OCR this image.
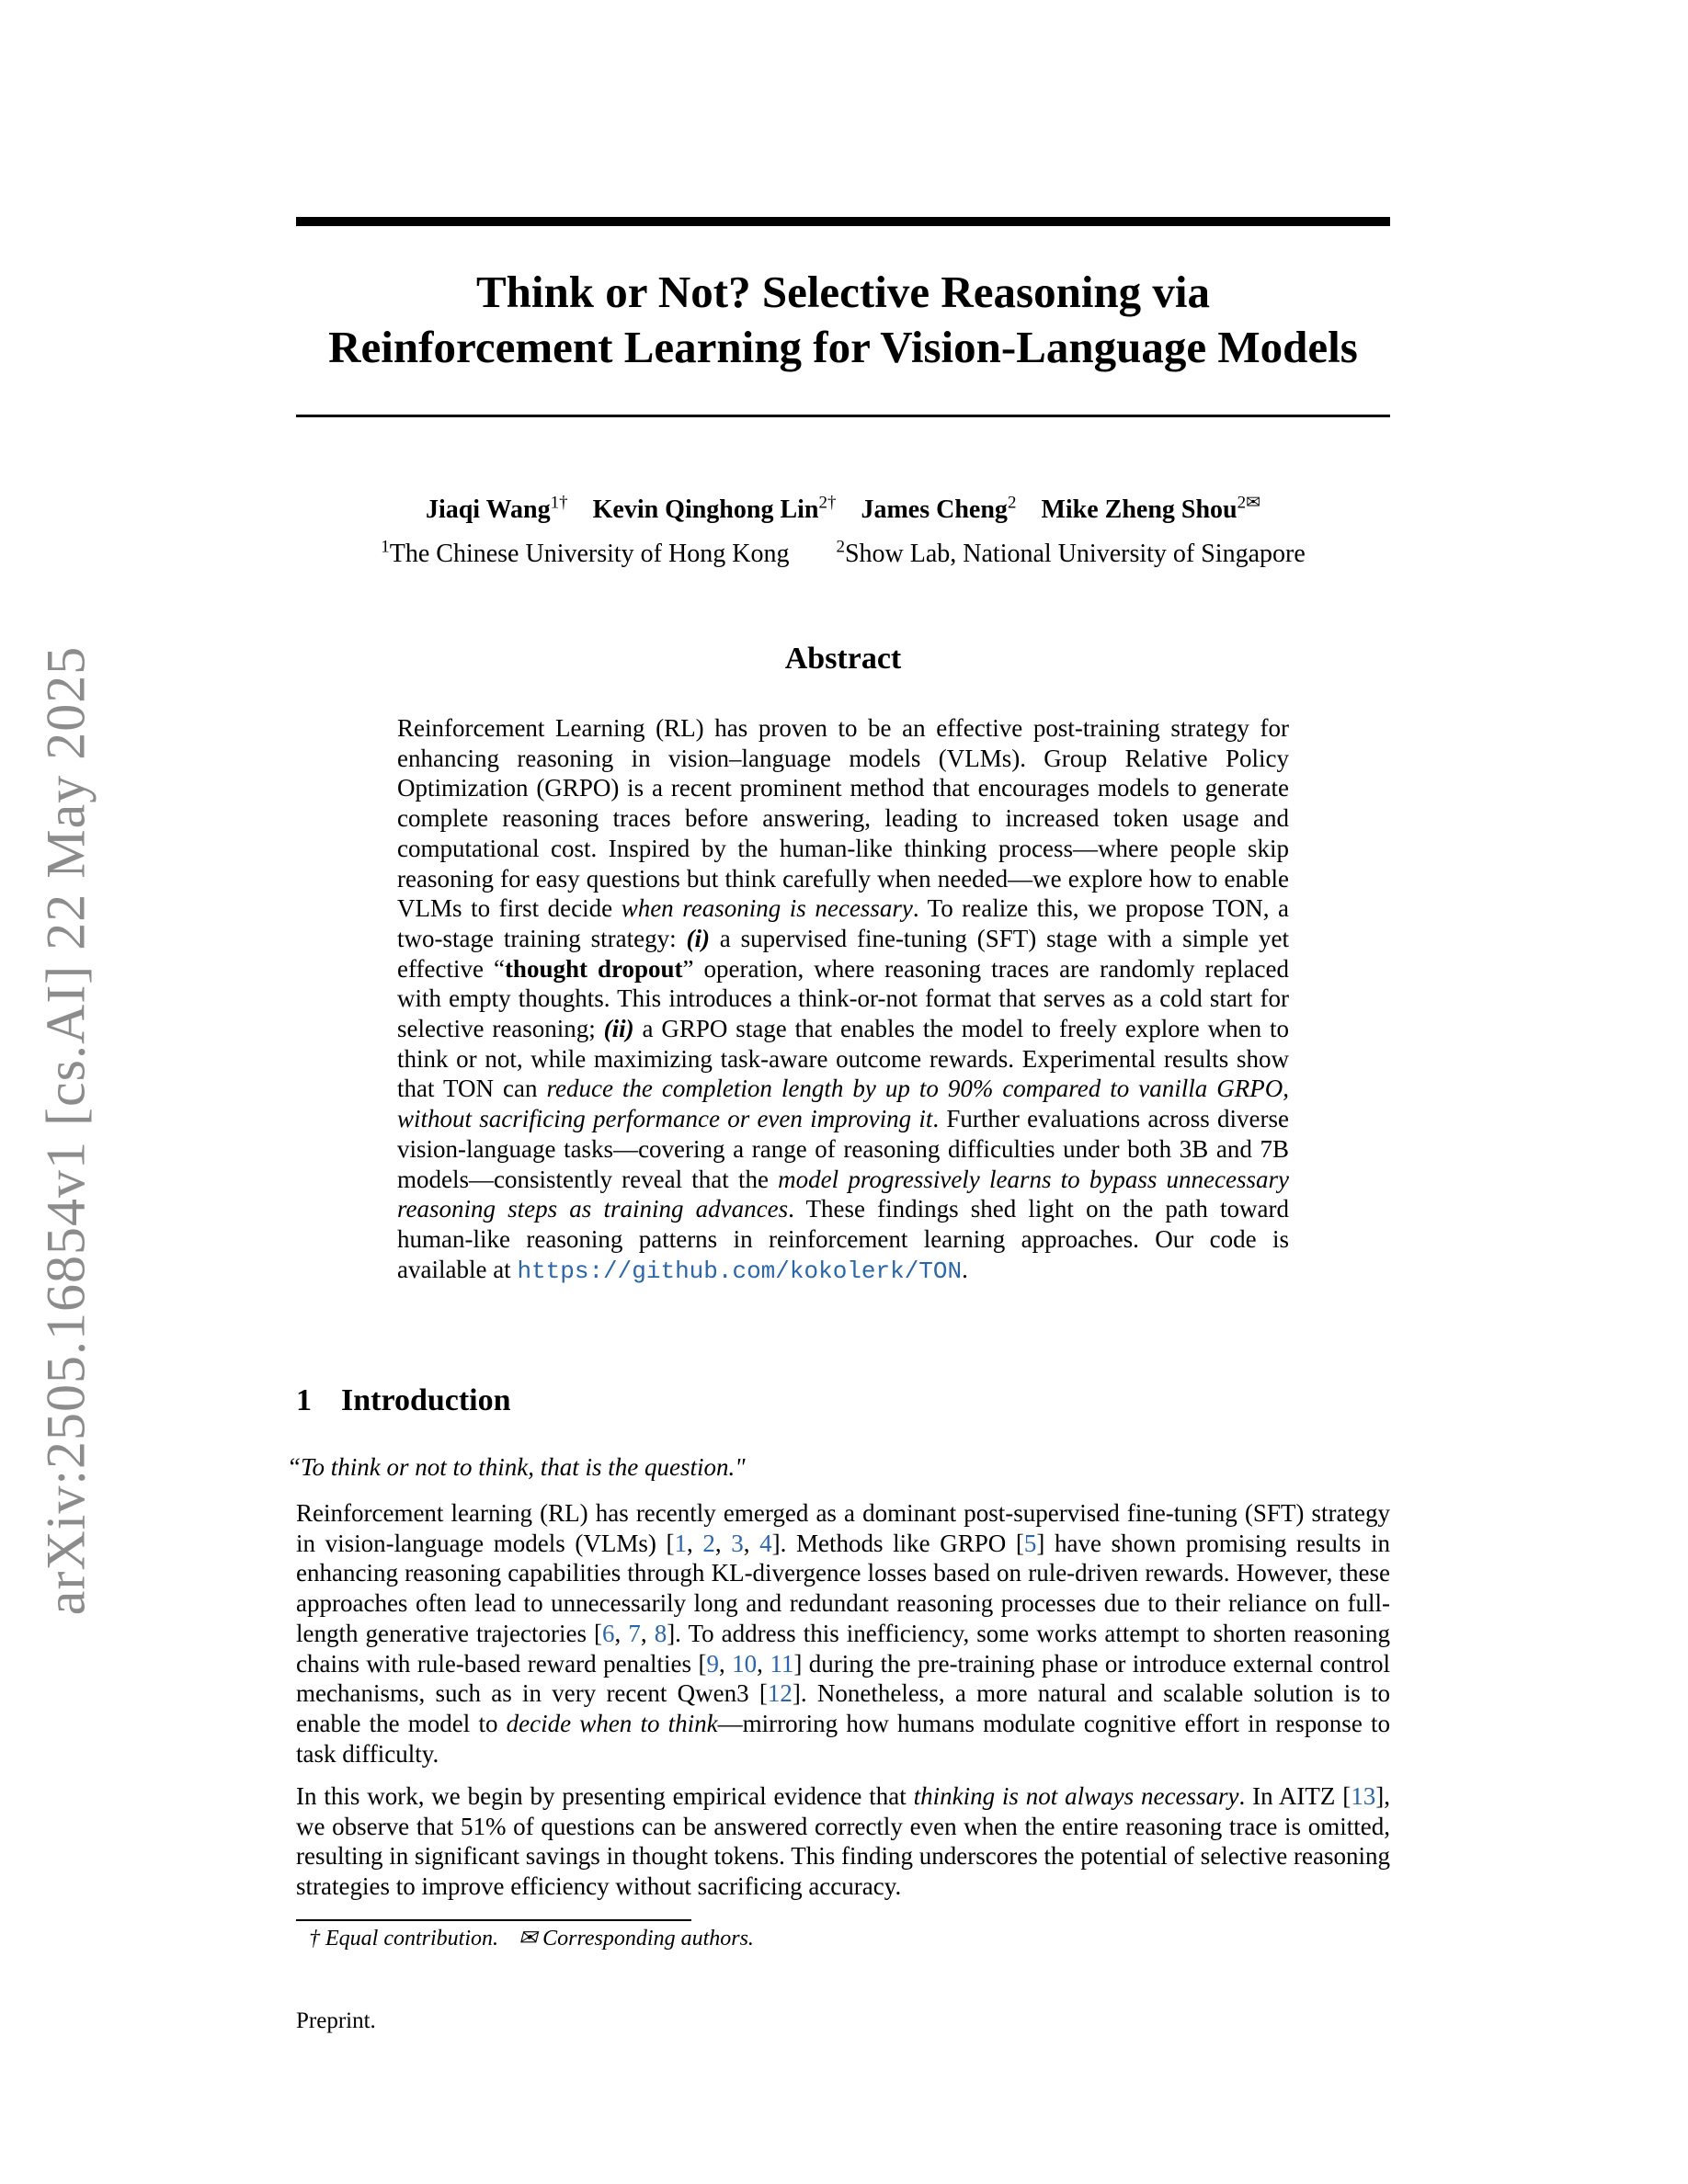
arXiv:2505.16854v1 [cs.AI] 22 May 2025
Think or Not? Selective Reasoning via
Reinforcement Learning for Vision-Language Models
Jiaqi Wang$^{1\dagger}$ Kevin Qinghong Lin$^{2\dagger}$ James Cheng$^2$ Mike Zheng Shou$^{2✉}$
$^1$The Chinese University of Hong Kong	$^2$Show Lab, National University of Singapore
Abstract
Reinforcement Learning (RL) has proven to be an effective post-training strategy for enhancing reasoning in vision–language models (VLMs). Group Relative Policy Optimization (GRPO) is a recent prominent method that encourages models to generate complete reasoning traces before answering, leading to increased token usage and computational cost. Inspired by the human-like thinking process—where people skip reasoning for easy questions but think carefully when needed—we explore how to enable VLMs to first decide when reasoning is necessary. To realize this, we propose TON, a two-stage training strategy: (i) a supervised fine-tuning (SFT) stage with a simple yet effective “thought dropout” operation, where reasoning traces are randomly replaced with empty thoughts. This introduces a think-or-not format that serves as a cold start for selective reasoning; (ii) a GRPO stage that enables the model to freely explore when to think or not, while maximizing task-aware outcome rewards. Experimental results show that TON can reduce the completion length by up to 90% compared to vanilla GRPO, without sacrificing performance or even improving it. Further evaluations across diverse vision-language tasks—covering a range of reasoning difficulties under both 3B and 7B models—consistently reveal that the model progressively learns to bypass unnecessary reasoning steps as training advances. These findings shed light on the path toward human-like reasoning patterns in reinforcement learning approaches. Our code is available at https://github.com/kokolerk/TON.
1 Introduction
“To think or not to think, that is the question."
Reinforcement learning (RL) has recently emerged as a dominant post-supervised fine-tuning (SFT) strategy in vision-language models (VLMs) [1, 2, 3, 4]. Methods like GRPO [5] have shown promising results in enhancing reasoning capabilities through KL-divergence losses based on rule-driven rewards. However, these approaches often lead to unnecessarily long and redundant reasoning processes due to their reliance on full-length generative trajectories [6, 7, 8]. To address this inefficiency, some works attempt to shorten reasoning chains with rule-based reward penalties [9, 10, 11] during the pre-training phase or introduce external control mechanisms, such as in very recent Qwen3 [12]. Nonetheless, a more natural and scalable solution is to enable the model to decide when to think—mirroring how humans modulate cognitive effort in response to task difficulty.
In this work, we begin by presenting empirical evidence that thinking is not always necessary. In AITZ [13], we observe that 51% of questions can be answered correctly even when the entire reasoning trace is omitted, resulting in significant savings in thought tokens. This finding underscores the potential of selective reasoning strategies to improve efficiency without sacrificing accuracy.
† Equal contribution. ✉ Corresponding authors.
Preprint.
